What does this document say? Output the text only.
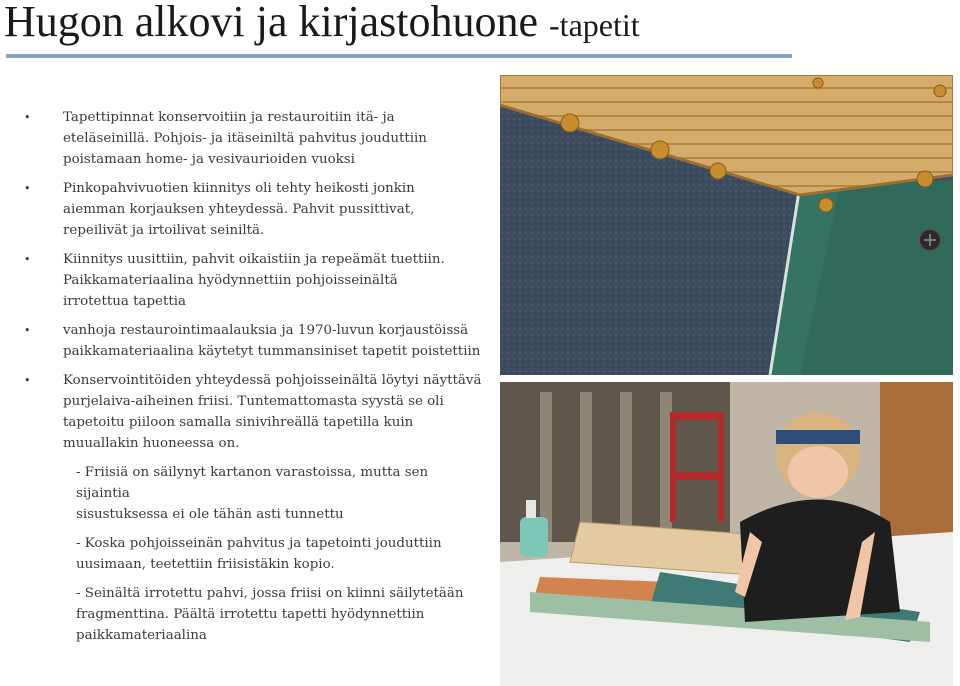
Hugon alkovi ja kirjastohuone -tapetit
• Tapettipinnat konservoitiin ja restauroitiin itä- ja
eteläseinillä. Pohjois- ja itäseiniltä pahvitus jouduttiin
poistamaan home- ja vesivaurioiden vuoksi
• Pinkopahvivuotien kiinnitys oli tehty heikosti jonkin
aiemman korjauksen yhteydessä. Pahvit pussittivat,
repeilivät ja irtoilivat seiniltä.
• Kiinnitys uusittiin, pahvit oikaistiin ja repeämät tuettiin.
Paikkamateriaalina hyödynnettiin pohjoisseinältä
irrotettua tapettia
• vanhoja restaurointimaalauksia ja 1970-luvun korjaustöissä
paikkamateriaalina käytetyt tummansiniset tapetit poistettiin
• Konservointitöiden yhteydessä pohjoisseinältä löytyi näyttävä
purjelaiva-aiheinen friisi. Tuntemattomasta syystä se oli
tapetoitu piiloon samalla sinivihreällä tapetilla kuin
muuallakin huoneessa on.
- Friisiä on säilynyt kartanon varastoissa, mutta sen sijaintia
sisustuksessa ei ole tähän asti tunnettu
- Koska pohjoisseinän pahvitus ja tapetointi jouduttiin
uusimaan, teetettiin friisistäkin kopio.
- Seinältä irrotettu pahvi, jossa friisi on kiinni säilytetään
fragmenttina. Päältä irrotettu tapetti hyödynnettiin
paikkamateriaalina
